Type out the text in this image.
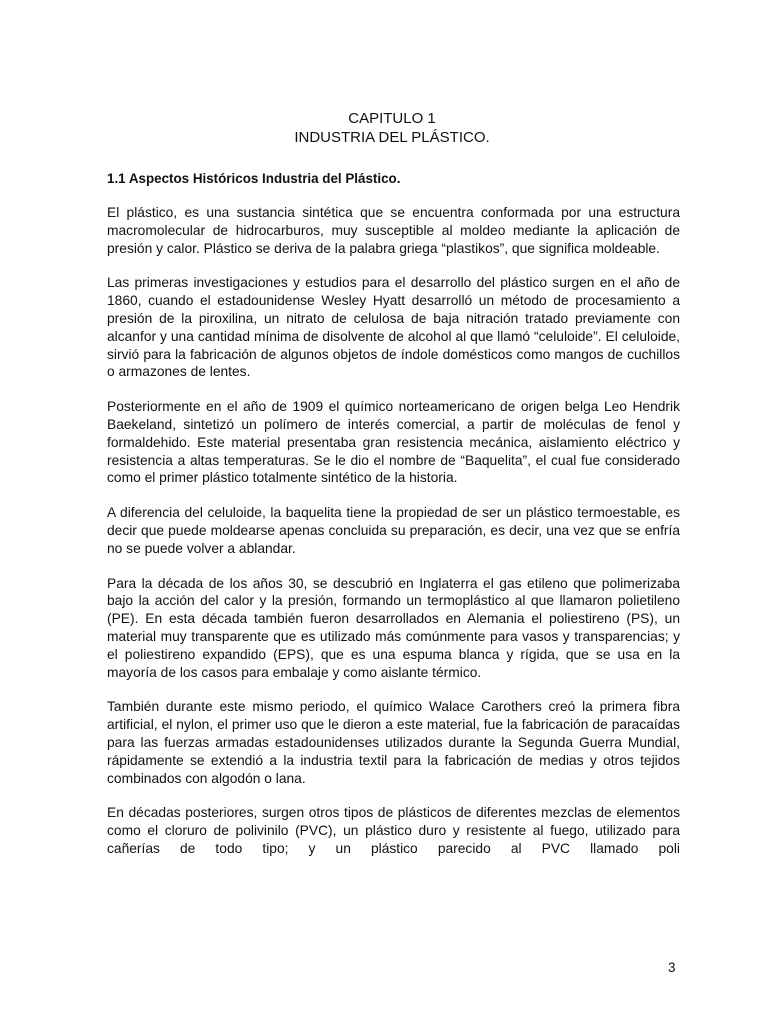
CAPITULO 1
INDUSTRIA DEL PLÁSTICO.
1.1 Aspectos Históricos Industria del Plástico.

El plástico, es una sustancia sintética que se encuentra conformada por una estructura macromolecular de hidrocarburos, muy susceptible al moldeo mediante la aplicación de presión y calor. Plástico se deriva de la palabra griega “plastikos”, que significa moldeable.

Las primeras investigaciones y estudios para el desarrollo del plástico surgen en el año de 1860, cuando el estadounidense Wesley Hyatt desarrolló un método de procesamiento a presión de la piroxilina, un nitrato de celulosa de baja nitración tratado previamente con alcanfor y una cantidad mínima de disolvente de alcohol al que llamó “celuloide”. El celuloide, sirvió para la fabricación de algunos objetos de índole domésticos como mangos de cuchillos o armazones de lentes.

Posteriormente en el año de 1909 el químico norteamericano de origen belga Leo Hendrik Baekeland, sintetizó un polímero de interés comercial, a partir de moléculas de fenol y formaldehido. Este material presentaba gran resistencia mecánica, aislamiento eléctrico y resistencia a altas temperaturas. Se le dio el nombre de “Baquelita”, el cual fue considerado como el primer plástico totalmente sintético de la historia.

A diferencia del celuloide, la baquelita tiene la propiedad de ser un plástico termoestable, es decir que puede moldearse apenas concluida su preparación, es decir, una vez que se enfría no se puede volver a ablandar.

Para la década de los años 30, se descubrió en Inglaterra el gas etileno que polimerizaba bajo la acción del calor y la presión, formando un termoplástico al que llamaron polietileno (PE). En esta década también fueron desarrollados en Alemania el poliestireno (PS), un material muy transparente que es utilizado más comúnmente para vasos y transparencias; y el poliestireno expandido (EPS), que es una espuma blanca y rígida, que se usa en la mayoría de los casos para embalaje y como aislante térmico.

También durante este mismo periodo, el químico Walace Carothers creó la primera fibra artificial, el nylon, el primer uso que le dieron a este material, fue la fabricación de paracaídas para las fuerzas armadas estadounidenses utilizados durante la Segunda Guerra Mundial, rápidamente se extendió a la industria textil para la fabricación de medias y otros tejidos combinados con algodón o lana.

En décadas posteriores, surgen otros tipos de plásticos de diferentes mezclas de elementos como el cloruro de polivinilo (PVC), un plástico duro y resistente al fuego, utilizado para cañerías de todo tipo; y un plástico parecido al PVC llamado poli

3
